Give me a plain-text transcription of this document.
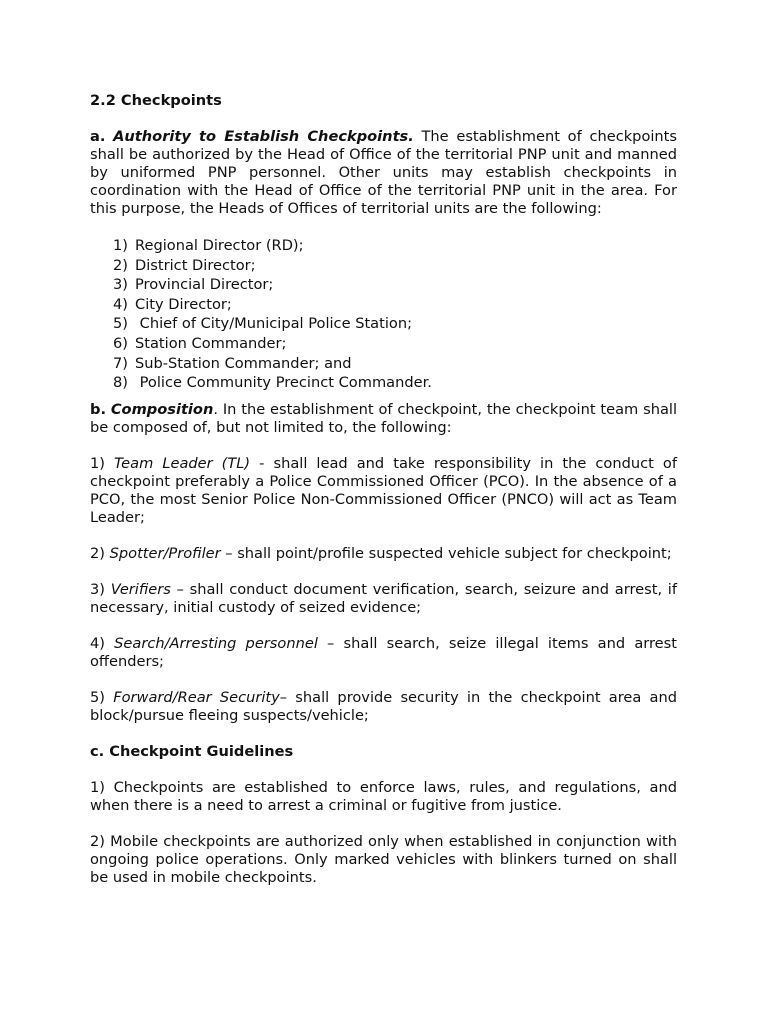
2.2 Checkpoints

a. Authority to Establish Checkpoints. The establishment of checkpoints shall be authorized by the Head of Office of the territorial PNP unit and manned by uniformed PNP personnel. Other units may establish checkpoints in coordination with the Head of Office of the territorial PNP unit in the area. For this purpose, the Heads of Offices of territorial units are the following:

1) Regional Director (RD);
2) District Director;
3) Provincial Director;
4) City Director;
5) Chief of City/Municipal Police Station;
6) Station Commander;
7) Sub-Station Commander; and
8) Police Community Precinct Commander.

b. Composition. In the establishment of checkpoint, the checkpoint team shall be composed of, but not limited to, the following:

1) Team Leader (TL) - shall lead and take responsibility in the conduct of checkpoint preferably a Police Commissioned Officer (PCO). In the absence of a PCO, the most Senior Police Non-Commissioned Officer (PNCO) will act as Team Leader;

2) Spotter/Profiler – shall point/profile suspected vehicle subject for checkpoint;

3) Verifiers – shall conduct document verification, search, seizure and arrest, if necessary, initial custody of seized evidence;

4) Search/Arresting personnel – shall search, seize illegal items and arrest offenders;

5) Forward/Rear Security– shall provide security in the checkpoint area and block/pursue fleeing suspects/vehicle;

c. Checkpoint Guidelines

1) Checkpoints are established to enforce laws, rules, and regulations, and when there is a need to arrest a criminal or fugitive from justice.

2) Mobile checkpoints are authorized only when established in conjunction with ongoing police operations. Only marked vehicles with blinkers turned on shall be used in mobile checkpoints.
